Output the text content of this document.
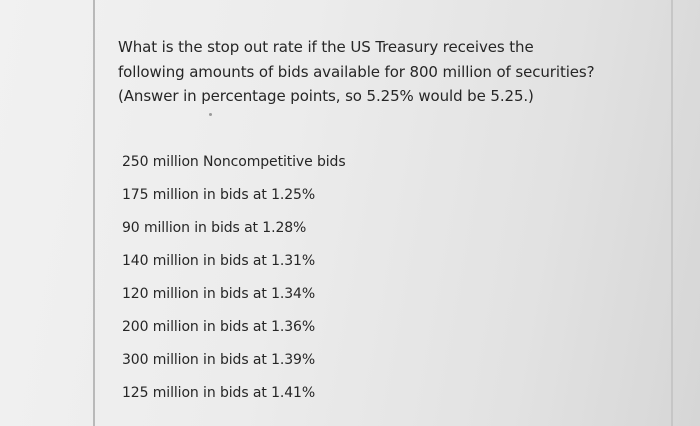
What is the stop out rate if the US Treasury receives the
following amounts of bids available for 800 million of securities?
(Answer in percentage points, so 5.25% would be 5.25.)
250 million Noncompetitive bids
175 million in bids at 1.25%
90 million in bids at 1.28%
140 million in bids at 1.31%
120 million in bids at 1.34%
200 million in bids at 1.36%
300 million in bids at 1.39%
125 million in bids at 1.41%
